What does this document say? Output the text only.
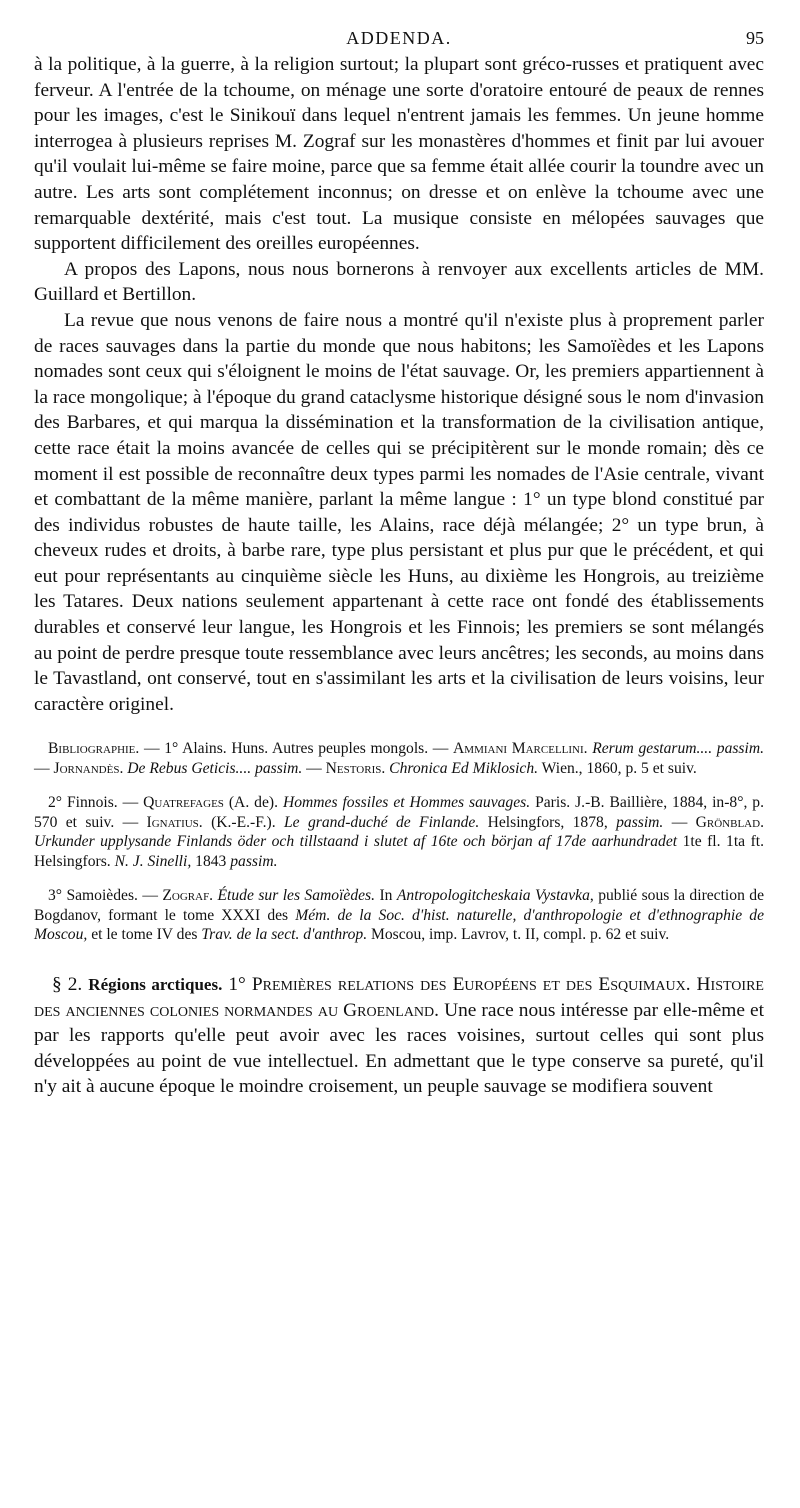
ADDENDA.	95

à la politique, à la guerre, à la religion surtout; la plupart sont gréco-russes et pratiquent avec ferveur. A l'entrée de la tchoume, on ménage une sorte d'oratoire entouré de peaux de rennes pour les images, c'est le Sinikouï dans lequel n'entrent jamais les femmes. Un jeune homme interrogea à plusieurs reprises M. Zograf sur les monastères d'hommes et finit par lui avouer qu'il voulait lui-même se faire moine, parce que sa femme était allée courir la toundre avec un autre. Les arts sont complétement inconnus; on dresse et on enlève la tchoume avec une remarquable dextérité, mais c'est tout. La musique consiste en mélopées sauvages que supportent difficilement des oreilles européennes.

A propos des Lapons, nous nous bornerons à renvoyer aux excellents articles de MM. Guillard et Bertillon.

La revue que nous venons de faire nous a montré qu'il n'existe plus à proprement parler de races sauvages dans la partie du monde que nous habitons; les Samoïèdes et les Lapons nomades sont ceux qui s'éloignent le moins de l'état sauvage. Or, les premiers appartiennent à la race mongolique; à l'époque du grand cataclysme historique désigné sous le nom d'invasion des Barbares, et qui marqua la dissémination et la transformation de la civilisation antique, cette race était la moins avancée de celles qui se précipitèrent sur le monde romain; dès ce moment il est possible de reconnaître deux types parmi les nomades de l'Asie centrale, vivant et combattant de la même manière, parlant la même langue : 1° un type blond constitué par des individus robustes de haute taille, les Alains, race déjà mélangée; 2° un type brun, à cheveux rudes et droits, à barbe rare, type plus persistant et plus pur que le précédent, et qui eut pour représentants au cinquième siècle les Huns, au dixième les Hongrois, au treizième les Tatares. Deux nations seulement appartenant à cette race ont fondé des établissements durables et conservé leur langue, les Hongrois et les Finnois; les premiers se sont mélangés au point de perdre presque toute ressemblance avec leurs ancêtres; les seconds, au moins dans le Tavastland, ont conservé, tout en s'assimilant les arts et la civilisation de leurs voisins, leur caractère originel.

Bibliographie. — 1° Alains. Huns. Autres peuples mongols. — Ammiani Marcellini. Rerum gestarum.... passim. — Jornandès. De Rebus Geticis.... passim. — Nestoris. Chronica Ed Miklosich. Wien., 1860, p. 5 et suiv.

2° Finnois. — Quatrefages (A. de). Hommes fossiles et Hommes sauvages. Paris. J.-B. Baillière, 1884, in-8°, p. 570 et suiv. — Ignatius. (K.-E.-F.). Le grand-duché de Finlande. Helsingfors, 1878, passim. — Grönblad. Urkunder upplysande Finlands öder och tillstaand i slutet af 16te och början af 17de aarhundradet 1te fl. 1ta ft. Helsingfors. N. J. Sinelli, 1843 passim.

3° Samoièdes. — Zograf. Étude sur les Samoïèdes. In Antropologitcheskaia Vystavka, publié sous la direction de Bogdanov, formant le tome XXXI des Mém. de la Soc. d'hist. naturelle, d'anthropologie et d'ethnographie de Moscou, et le tome IV des Trav. de la sect. d'anthrop. Moscou, imp. Lavrov, t. II, compl. p. 62 et suiv.

§ 2. Régions arctiques. 1° Premières relations des Européens et des Esquimaux. Histoire des anciennes colonies normandes au Groenland. Une race nous intéresse par elle-même et par les rapports qu'elle peut avoir avec les races voisines, surtout celles qui sont plus développées au point de vue intellectuel. En admettant que le type conserve sa pureté, qu'il n'y ait à aucune époque le moindre croisement, un peuple sauvage se modifiera souvent
